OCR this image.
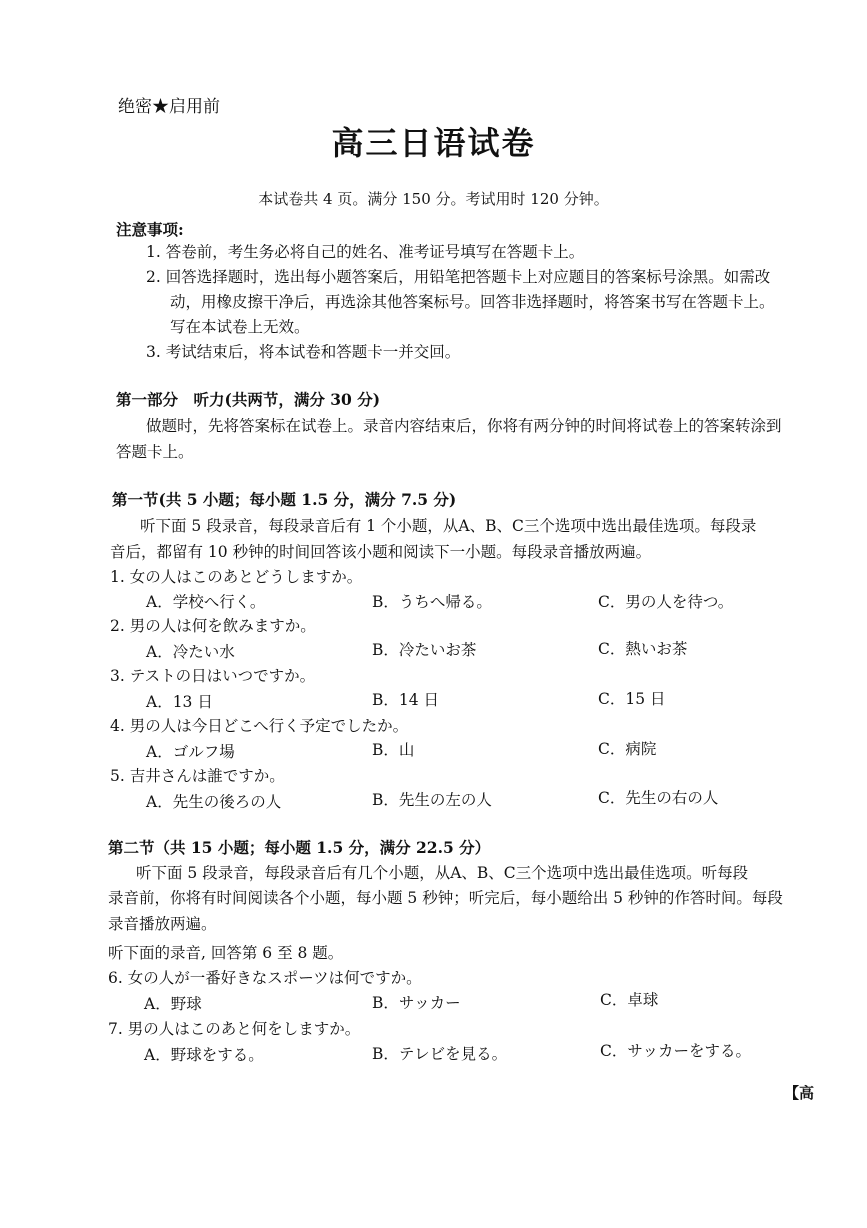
绝密★启用前
高三日语试卷
本试卷共 4 页。满分 150 分。考试用时 120 分钟。
注意事项:
1. 答卷前，考生务必将自己的姓名、准考证号填写在答题卡上。
2. 回答选择题时，选出每小题答案后，用铅笔把答题卡上对应题目的答案标号涂黑。如需改
动，用橡皮擦干净后，再选涂其他答案标号。回答非选择题时，将答案书写在答题卡上。
写在本试卷上无效。
3. 考试结束后，将本试卷和答题卡一并交回。
第一部分　听力(共两节，满分 30 分)
做题时，先将答案标在试卷上。录音内容结束后，你将有两分钟的时间将试卷上的答案转涂到
答题卡上。
第一节(共 5 小题；每小题 1.5 分，满分 7.5 分)
听下面 5 段录音，每段录音后有 1 个小题，从A、B、C三个选项中选出最佳选项。每段录
音后，都留有 10 秒钟的时间回答该小题和阅读下一小题。每段录音播放两遍。
1. 女の人はこのあとどうしますか。
A．学校へ行く。	B．うちへ帰る。	C．男の人を待つ。
2. 男の人は何を飲みますか。
A．冷たい水	B．冷たいお茶	C．熱いお茶
3. テストの日はいつですか。
A．13 日	B．14 日	C．15 日
4. 男の人は今日どこへ行く予定でしたか。
A．ゴルフ場	B．山	C．病院
5. 吉井さんは誰ですか。
A．先生の後ろの人	B．先生の左の人	C．先生の右の人
第二节（共 15 小题；每小题 1.5 分，满分 22.5 分）
听下面 5 段录音，每段录音后有几个小题，从A、B、C三个选项中选出最佳选项。听每段
录音前，你将有时间阅读各个小题，每小题 5 秒钟；听完后，每小题给出 5 秒钟的作答时间。每段
录音播放两遍。
听下面的录音, 回答第 6 至 8 题。
6. 女の人が一番好きなスポーツは何ですか。
A．野球	B．サッカー	C．卓球
7. 男の人はこのあと何をしますか。
A．野球をする。	B．テレビを見る。	C．サッカーをする。
【高
